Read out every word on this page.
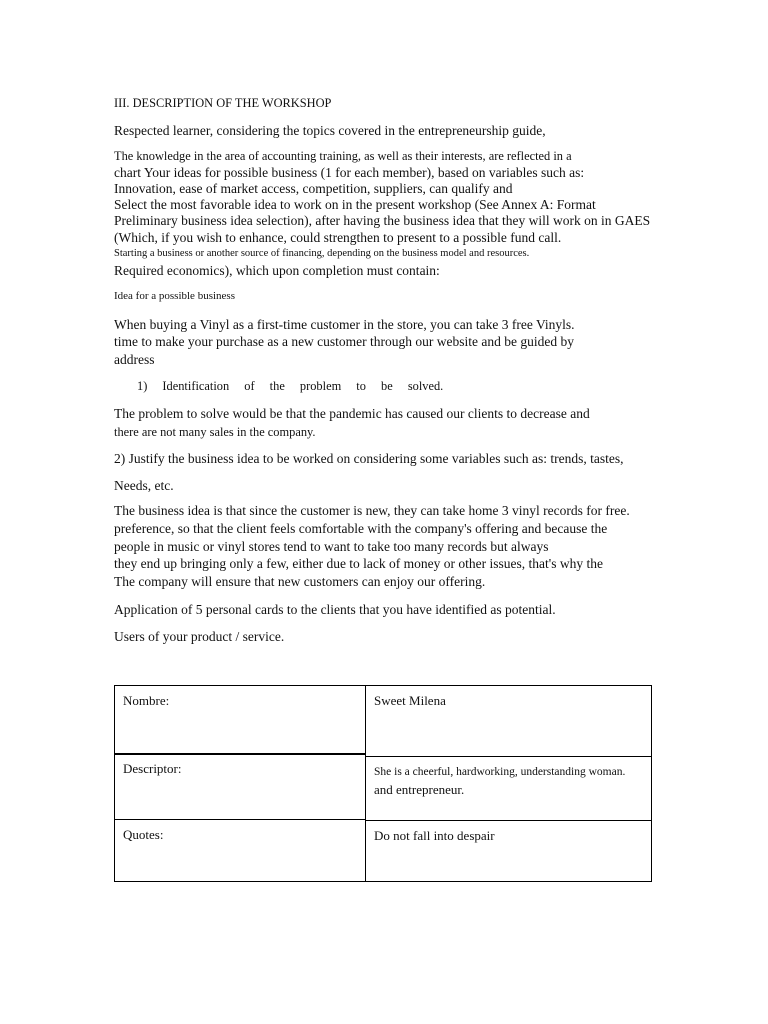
III. DESCRIPTION OF THE WORKSHOP
Respected learner, considering the topics covered in the entrepreneurship guide,
The knowledge in the area of accounting training, as well as their interests, are reflected in a
chart Your ideas for possible business (1 for each member), based on variables such as:
Innovation, ease of market access, competition, suppliers, can qualify and
Select the most favorable idea to work on in the present workshop (See Annex A: Format
Preliminary business idea selection), after having the business idea that they will work on in GAES
(Which, if you wish to enhance, could strengthen to present to a possible fund call.
Starting a business or another source of financing, depending on the business model and resources.
Required economics), which upon completion must contain:
Idea for a possible business
When buying a Vinyl as a first-time customer in the store, you can take 3 free Vinyls.
time to make your purchase as a new customer through our website and be guided by
address
1) Identification of the problem to be solved.
The problem to solve would be that the pandemic has caused our clients to decrease and
there are not many sales in the company.
2) Justify the business idea to be worked on considering some variables such as: trends, tastes,
Needs, etc.
The business idea is that since the customer is new, they can take home 3 vinyl records for free.
preference, so that the client feels comfortable with the company's offering and because the
people in music or vinyl stores tend to want to take too many records but always
they end up bringing only a few, either due to lack of money or other issues, that's why the
The company will ensure that new customers can enjoy our offering.
Application of 5 personal cards to the clients that you have identified as potential.
Users of your product / service.
Nombre:	Sweet Milena
Descriptor:	She is a cheerful, hardworking, understanding woman.
and entrepreneur.
Quotes:	Do not fall into despair
